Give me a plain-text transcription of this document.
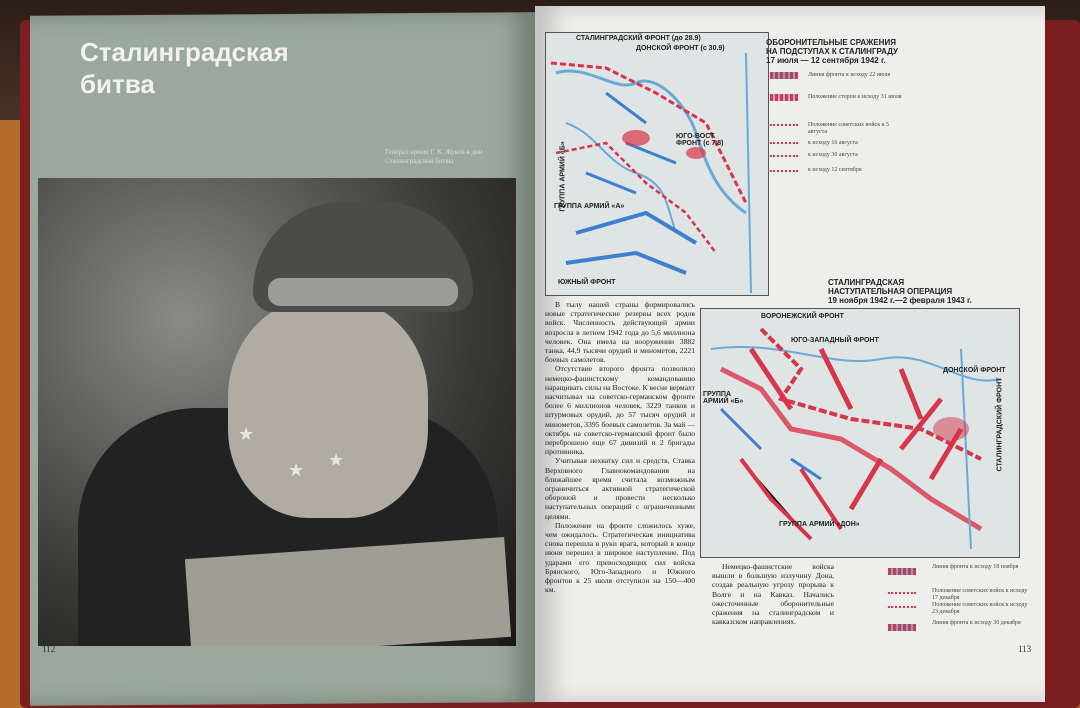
Сталинградская
битва
Генерал армии Г. К. Жуков в дни Сталинградской битвы
★
★ ★
112
СТАЛИНГРАДСКИЙ ФРОНТ (до 28.9)
ДОНСКОЙ ФРОНТ (с 30.9)
ГРУППА АРМИЙ «Б»
ЮГО-ВОСТ. ФРОНТ (с 7.8)
ГРУППА АРМИЙ «А»
ЮЖНЫЙ ФРОНТ
ОБОРОНИТЕЛЬНЫЕ СРАЖЕНИЯ
НА ПОДСТУПАХ К СТАЛИНГРАДУ
17 июля — 12 сентября 1942 г.
Линия фронта к исходу 22 июля
Положение сторон к исходу 31 июля
Положение советских войск к 5 августа
к исходу 16 августа
к исходу 30 августа
к исходу 12 сентября
СТАЛИНГРАДСКАЯ
НАСТУПАТЕЛЬНАЯ ОПЕРАЦИЯ
19 ноября 1942 г.—2 февраля 1943 г.
ВОРОНЕЖСКИЙ ФРОНТ
ЮГО-ЗАПАДНЫЙ ФРОНТ
ДОНСКОЙ ФРОНТ
ГРУППА АРМИЙ «Б»	СТАЛИНГРАДСКИЙ ФРОНТ
ГРУППА АРМИЙ «ДОН»

В тылу нашей страны формировались новые стратегические резервы всех родов войск. Численность действующей армии возросла в летнем 1942 года до 5,6 миллиона человек. Она имела на вооружении 3882 танка, 44,9 тысячи орудий и минометов, 2221 боевых самолетов.

Отсутствие второго фронта позволило немецко-фашистскому командованию наращивать силы на Востоке. К весне вермахт насчитывал на советско-германском фронте более 6 миллионов человек, 3229 танков и штурмовых орудий, до 57 тысяч орудий и минометов, 3395 боевых самолетов. За май — октябрь на советско-германский фронт было переброшено еще 67 дивизий и 2 бригады противника.

Учитывая нехватку сил и средств, Ставка Верховного Главнокомандования на ближайшее время считала возможным ограничиться активной стратегической обороной и провести несколько наступательных операций с ограниченными целями.

Положение на фронте сложилось хуже, чем ожидалось. Стратегическая инициатива снова перешла в руки врага, который в конце июня перешел в широкое наступление. Под ударами его превосходящих сил войска Брянского, Юго-Западного и Южного фронтов к 25 июля отступили на 150—400 км.

Немецко-фашистские войска вышли в большую излучину Дона, создав реальную угрозу прорыва к Волге и на Кавказ. Начались ожесточенные оборонительные сражения на сталинградском и кавказском направлениях.

Линия фронта к исходу 18 ноября
Положение советских войск к исходу 17 декабря
Положение советских войск к исходу 23 декабря
Линия фронта к исходу 30 декабря
113
